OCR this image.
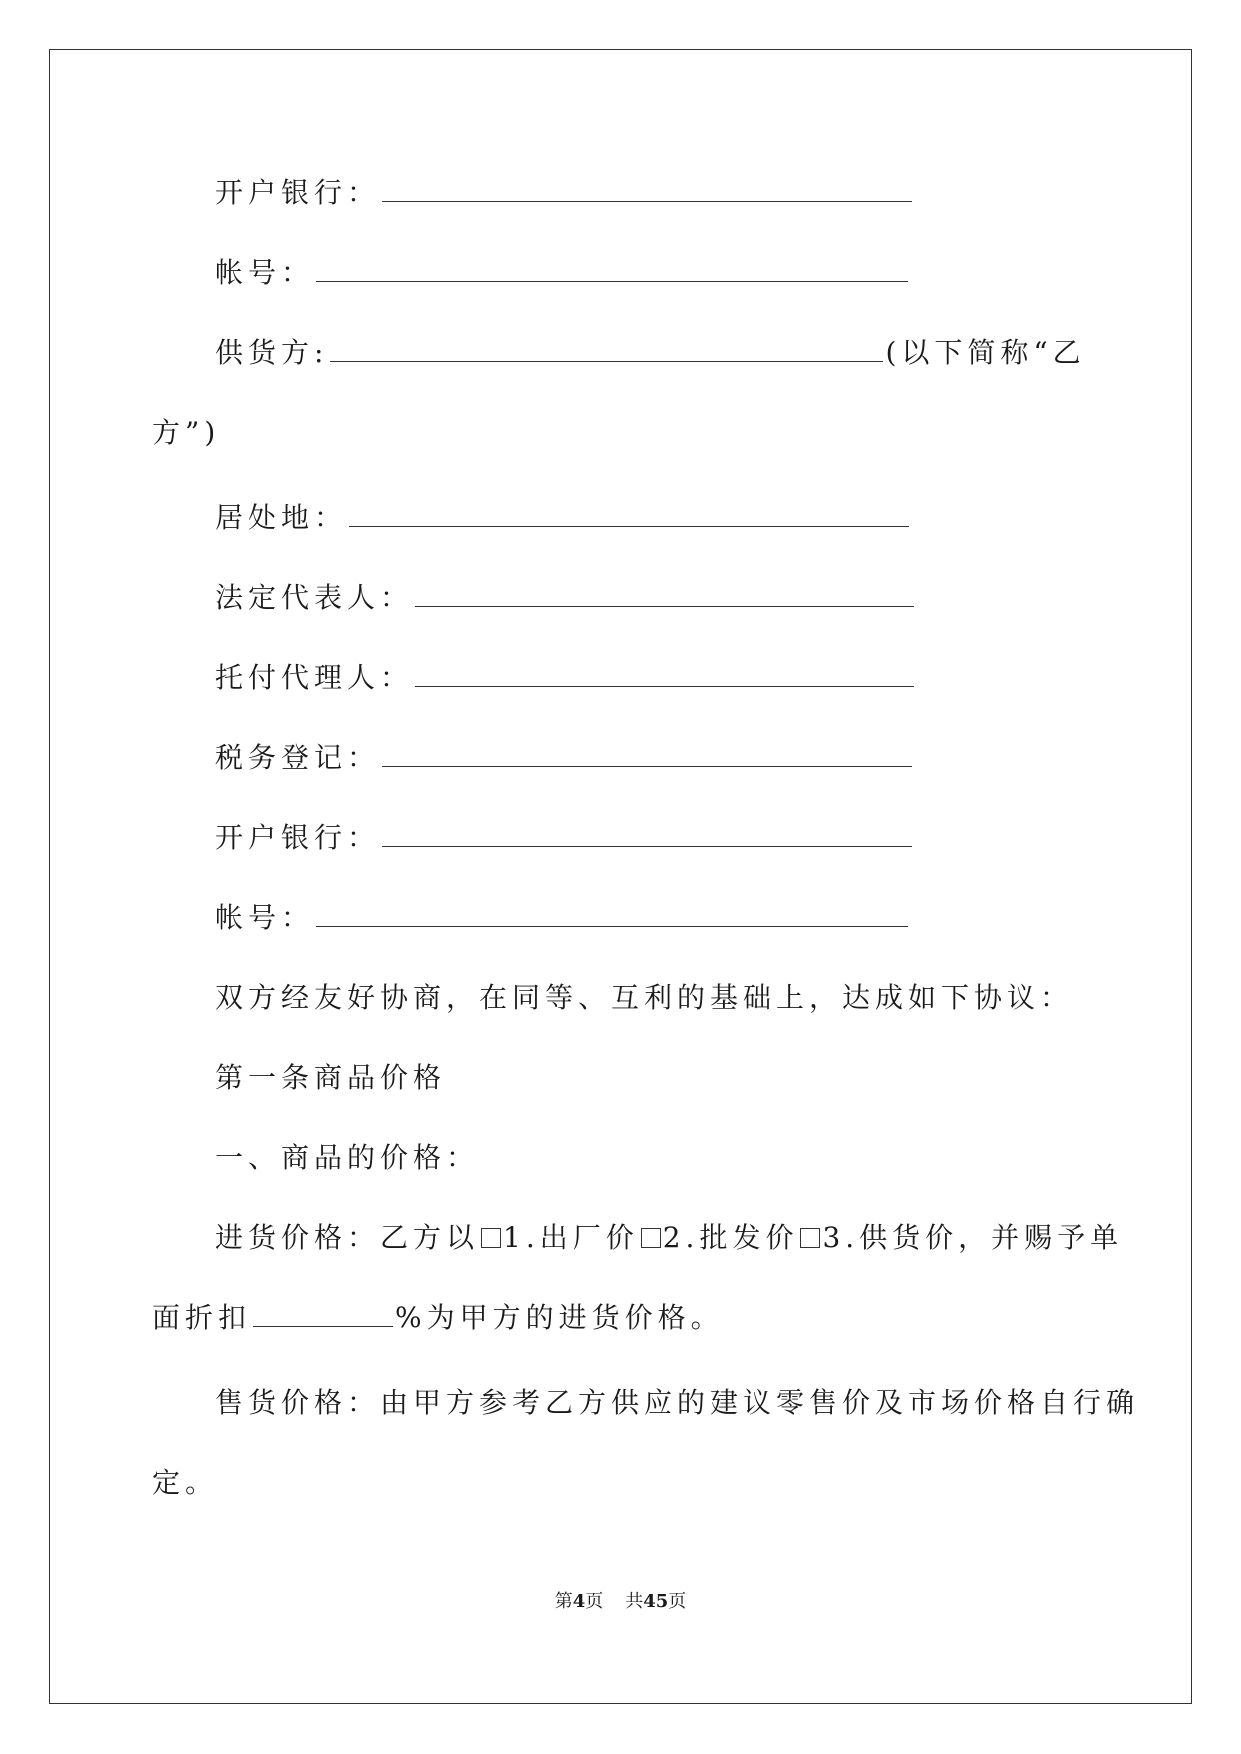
开户银行：
帐号：
供货方:	(以下简称“乙
方”)
居处地：
法定代表人：
托付代理人：
税务登记：
开户银行：
帐号：
双方经友好协商，在同等、互利的基础上，达成如下协议：
第一条商品价格
一、商品的价格：
进货价格：乙方以 1.出厂价 2.批发价 3.供货价，并赐予单
面折扣	%为甲方的进货价格。
售货价格：由甲方参考乙方供应的建议零售价及市场价格自行确
定。
第4页 共45页
